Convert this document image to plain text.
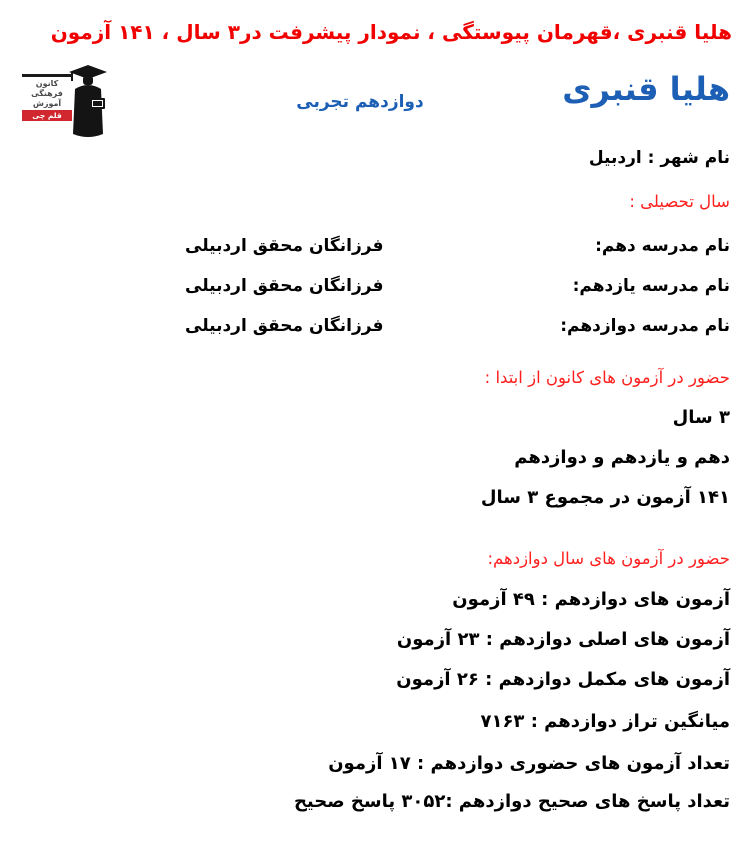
هلیا قنبری ،قهرمان پیوستگی ، نمودار پیشرفت در۳ سال ، ۱۴۱ آزمون
کانون
فرهنگی
آموزش
قلم چی
هلیا قنبری
دوازدهم تجربی
نام شهر : اردبیل
سال تحصیلی :
نام مدرسه دهم:
فرزانگان محقق اردبیلی
نام مدرسه یازدهم:
فرزانگان محقق اردبیلی
نام مدرسه دوازدهم:
فرزانگان محقق اردبیلی
حضور در آزمون های کانون از ابتدا :
۳ سال
دهم و یازدهم و دوازدهم
۱۴۱ آزمون در مجموع ۳ سال
حضور در آزمون های سال دوازدهم:
آزمون های دوازدهم : ۴۹ آزمون
آزمون های اصلی دوازدهم : ۲۳ آزمون
آزمون های مکمل دوازدهم : ۲۶ آزمون
میانگین تراز دوازدهم : ۷۱۶۳
تعداد آزمون های حضوری دوازدهم : ۱۷ آزمون
تعداد پاسخ های صحیح دوازدهم :۳۰۵۲ پاسخ صحیح
